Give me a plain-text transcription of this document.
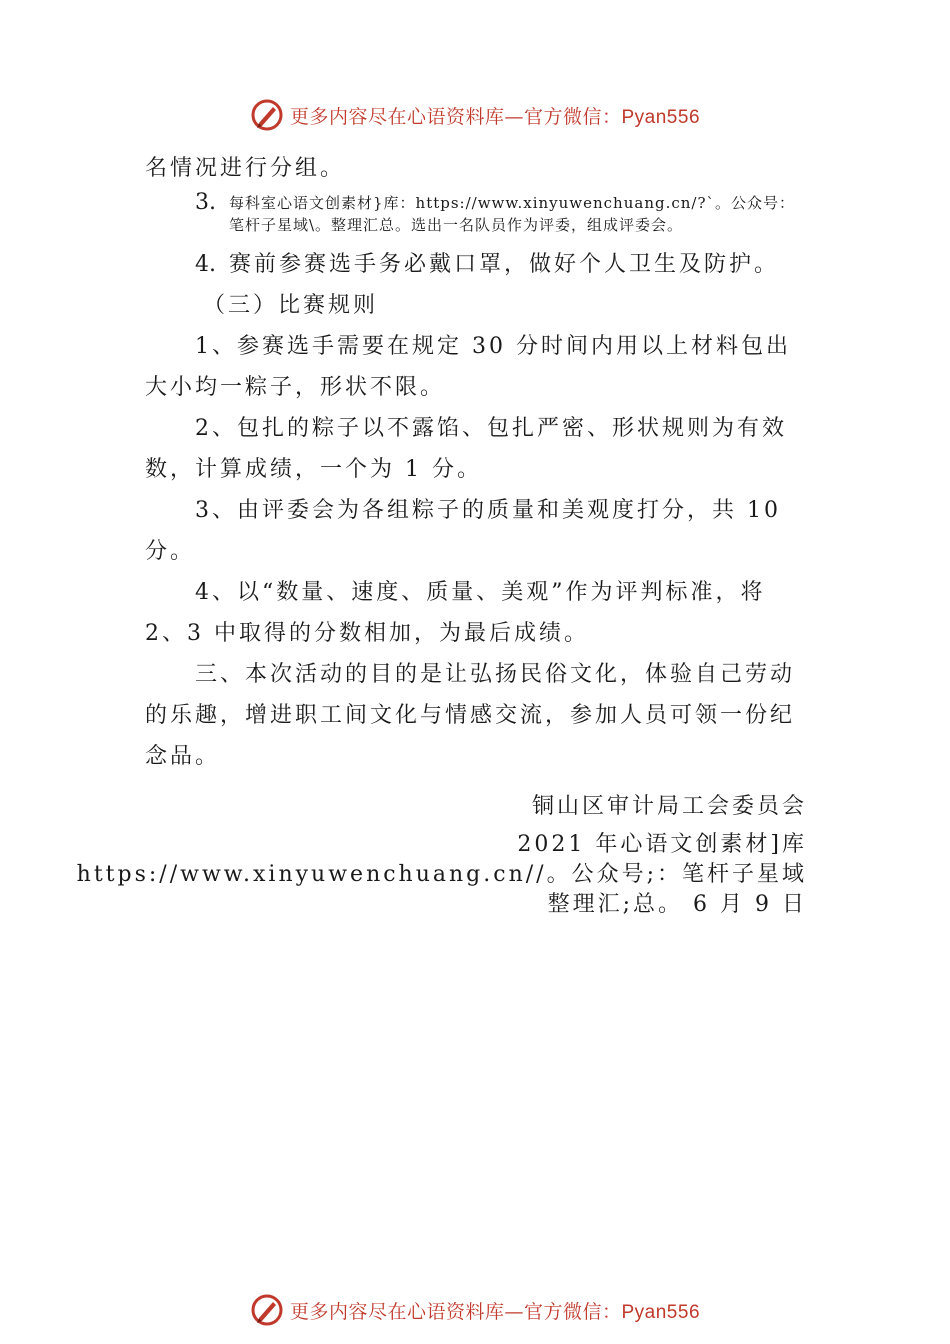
更多内容尽在心语资料库—官方微信：Pyan556

名情况进行分组。

3. 每科室心语文创素材}库：https://www.xinyuwenchuang.cn/?`。公众号：笔杆子星域\。整理汇总。选出一名队员作为评委，组成评委会。
4. 赛前参赛选手务必戴口罩，做好个人卫生及防护。
（三）比赛规则

1、参赛选手需要在规定 30 分时间内用以上材料包出大小均一粽子，形状不限。

2、包扎的粽子以不露馅、包扎严密、形状规则为有效数，计算成绩，一个为 1 分。

3、由评委会为各组粽子的质量和美观度打分，共 10 分。

4、以“数量、速度、质量、美观”作为评判标准，将 2、3 中取得的分数相加，为最后成绩。

三、本次活动的目的是让弘扬民俗文化，体验自己劳动的乐趣，增进职工间文化与情感交流，参加人员可领一份纪念品。

铜山区审计局工会委员会
2021 年心语文创素材]库
https://www.xinyuwenchuang.cn//。公众号;：笔杆子星域
整理汇;总。 6 月 9 日
更多内容尽在心语资料库—官方微信：Pyan556
